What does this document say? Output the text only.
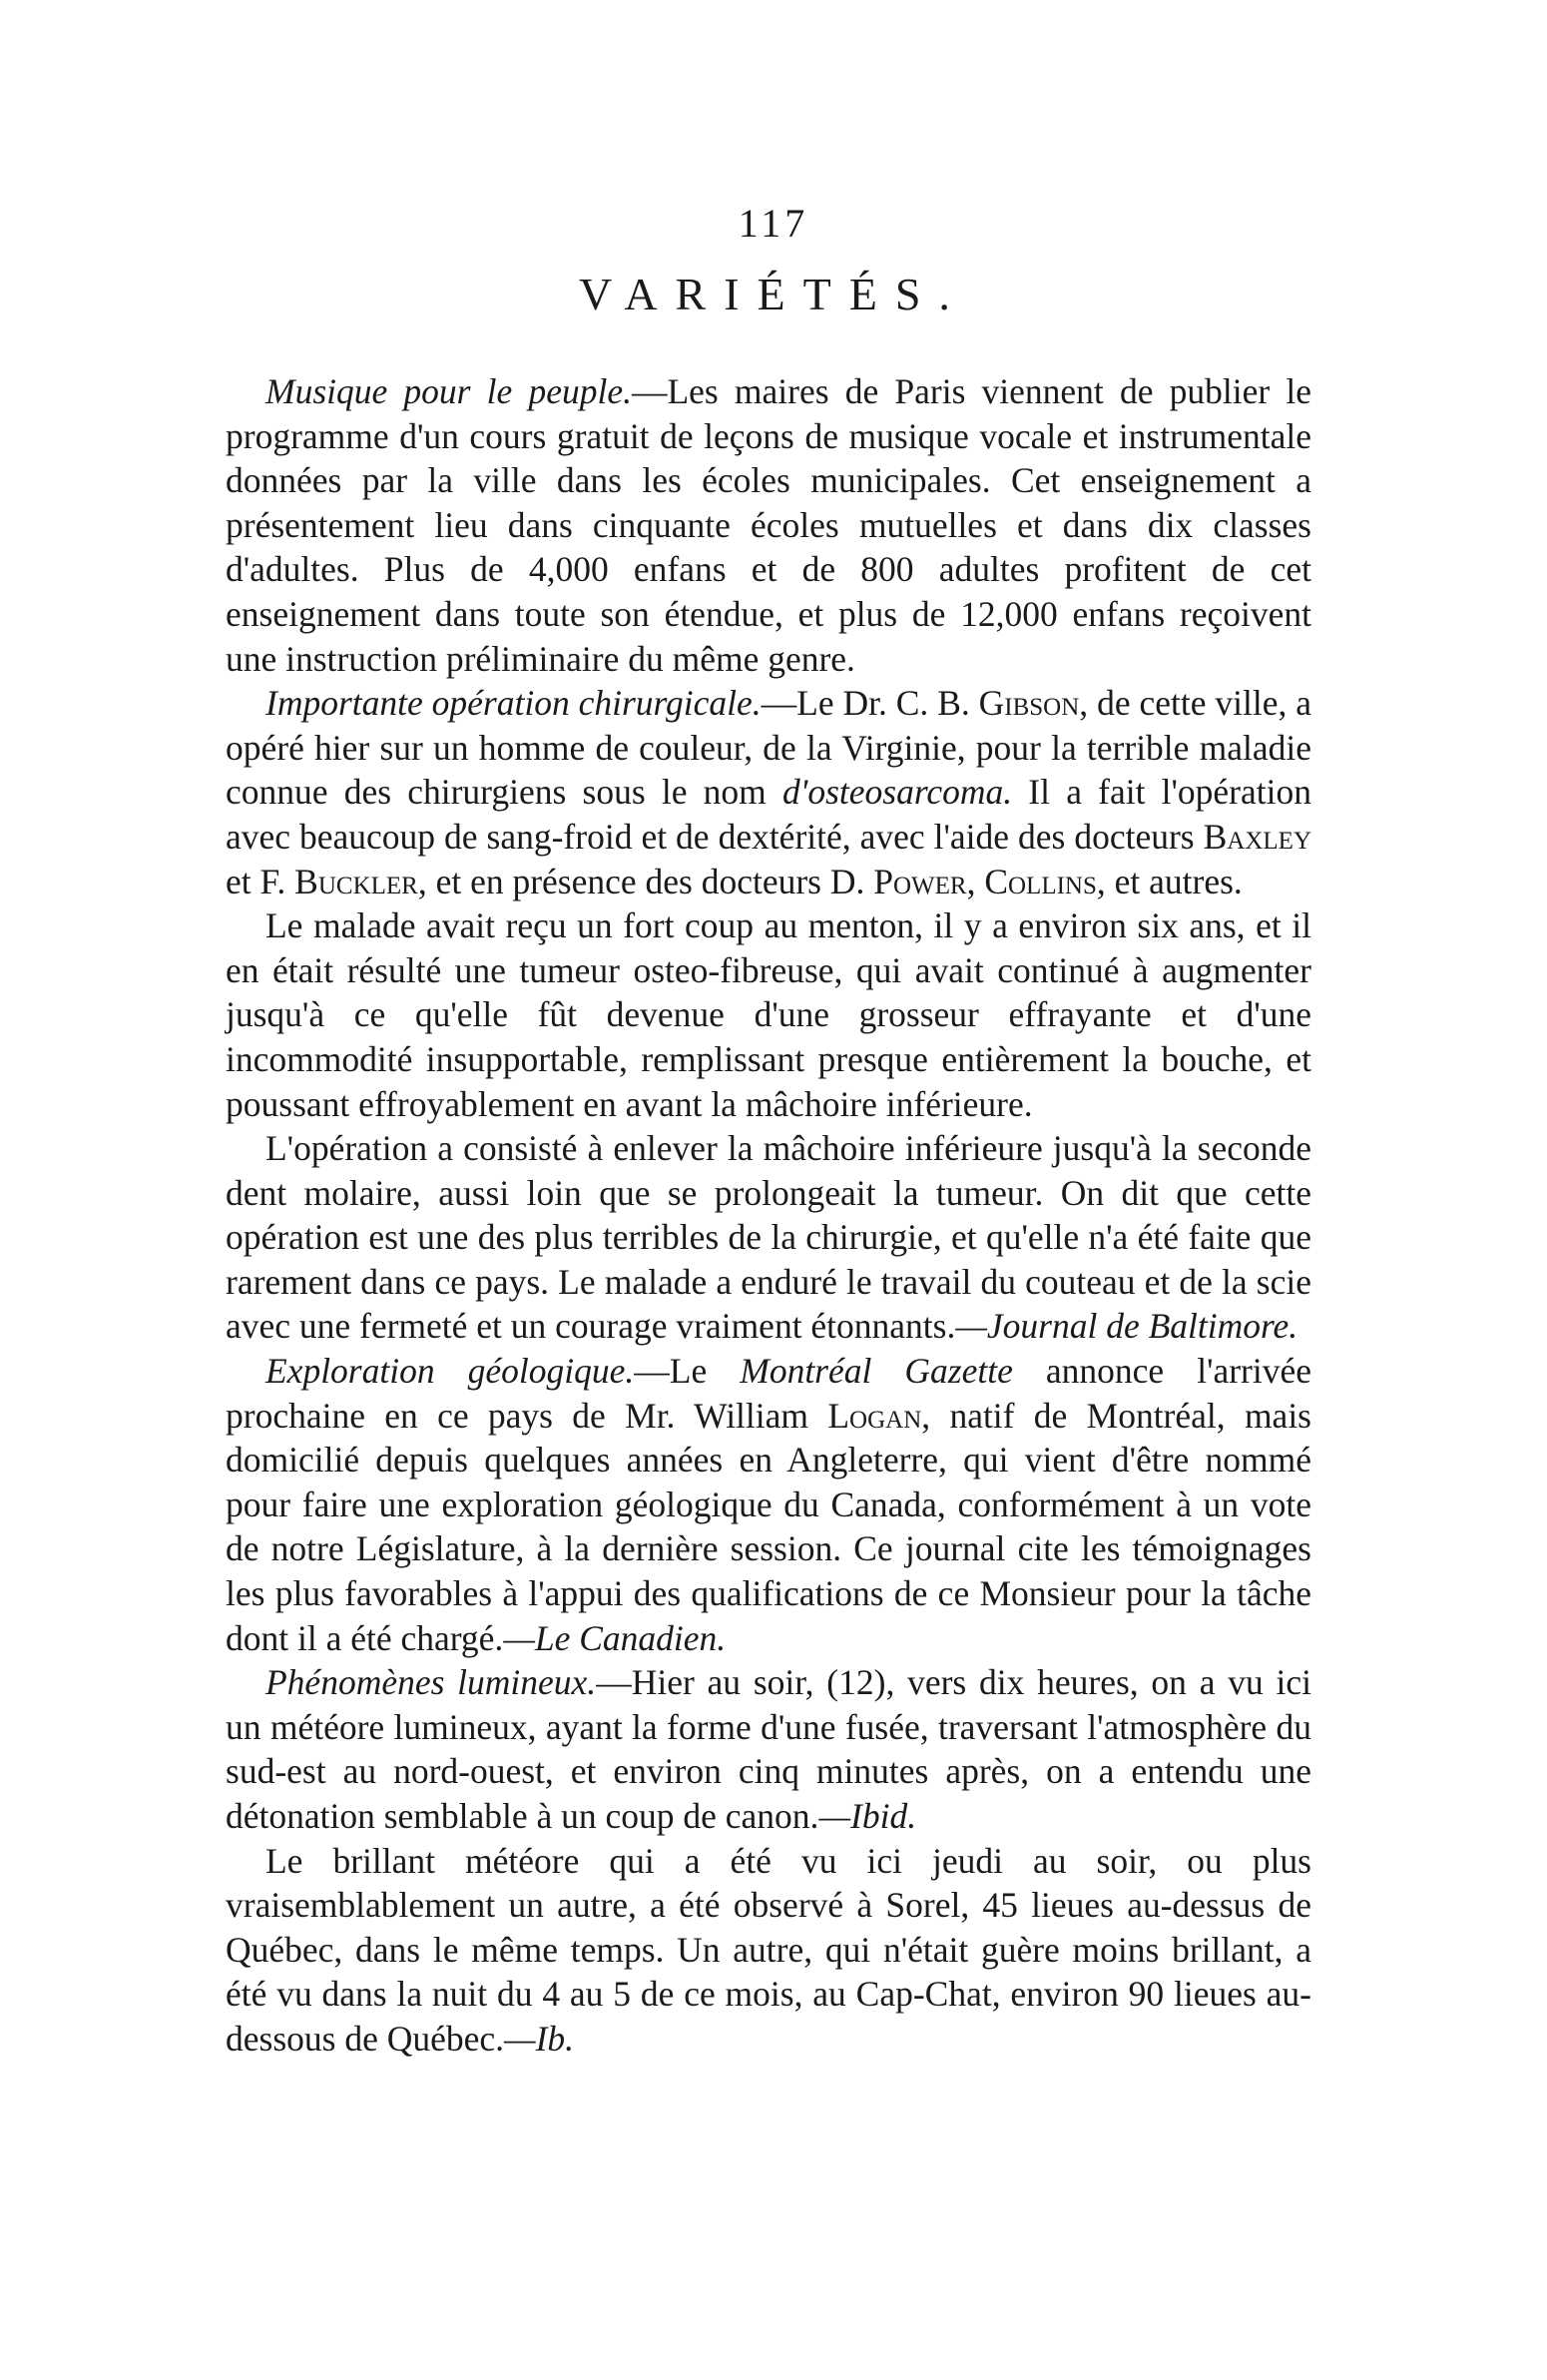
117
VARIÉTÉS.

Musique pour le peuple.—Les maires de Paris viennent de publier le programme d'un cours gratuit de leçons de musique vocale et instrumentale données par la ville dans les écoles municipales. Cet enseignement a présentement lieu dans cinquante écoles mutuelles et dans dix classes d'adultes. Plus de 4,000 enfans et de 800 adultes profitent de cet enseignement dans toute son étendue, et plus de 12,000 enfans reçoivent une instruction préliminaire du même genre.

Importante opération chirurgicale.—Le Dr. C. B. Gibson, de cette ville, a opéré hier sur un homme de couleur, de la Virginie, pour la terrible maladie connue des chirurgiens sous le nom d'osteosarcoma. Il a fait l'opération avec beaucoup de sang-froid et de dextérité, avec l'aide des docteurs Baxley et F. Buckler, et en présence des docteurs D. Power, Collins, et autres.

Le malade avait reçu un fort coup au menton, il y a environ six ans, et il en était résulté une tumeur osteo-fibreuse, qui avait continué à augmenter jusqu'à ce qu'elle fût devenue d'une grosseur effrayante et d'une incommodité insupportable, remplissant presque entièrement la bouche, et poussant effroyablement en avant la mâchoire inférieure.

L'opération a consisté à enlever la mâchoire inférieure jusqu'à la seconde dent molaire, aussi loin que se prolongeait la tumeur. On dit que cette opération est une des plus terribles de la chirurgie, et qu'elle n'a été faite que rarement dans ce pays. Le malade a enduré le travail du couteau et de la scie avec une fermeté et un courage vraiment étonnants.—Journal de Baltimore.

Exploration géologique.—Le Montréal Gazette annonce l'arrivée prochaine en ce pays de Mr. William Logan, natif de Montréal, mais domicilié depuis quelques années en Angleterre, qui vient d'être nommé pour faire une exploration géologique du Canada, conformément à un vote de notre Législature, à la dernière session. Ce journal cite les témoignages les plus favorables à l'appui des qualifications de ce Monsieur pour la tâche dont il a été chargé.—Le Canadien.

Phénomènes lumineux.—Hier au soir, (12), vers dix heures, on a vu ici un météore lumineux, ayant la forme d'une fusée, traversant l'atmosphère du sud-est au nord-ouest, et environ cinq minutes après, on a entendu une détonation semblable à un coup de canon.—Ibid.

Le brillant météore qui a été vu ici jeudi au soir, ou plus vraisemblablement un autre, a été observé à Sorel, 45 lieues au-dessus de Québec, dans le même temps. Un autre, qui n'était guère moins brillant, a été vu dans la nuit du 4 au 5 de ce mois, au Cap-Chat, environ 90 lieues au-dessous de Québec.—Ib.
